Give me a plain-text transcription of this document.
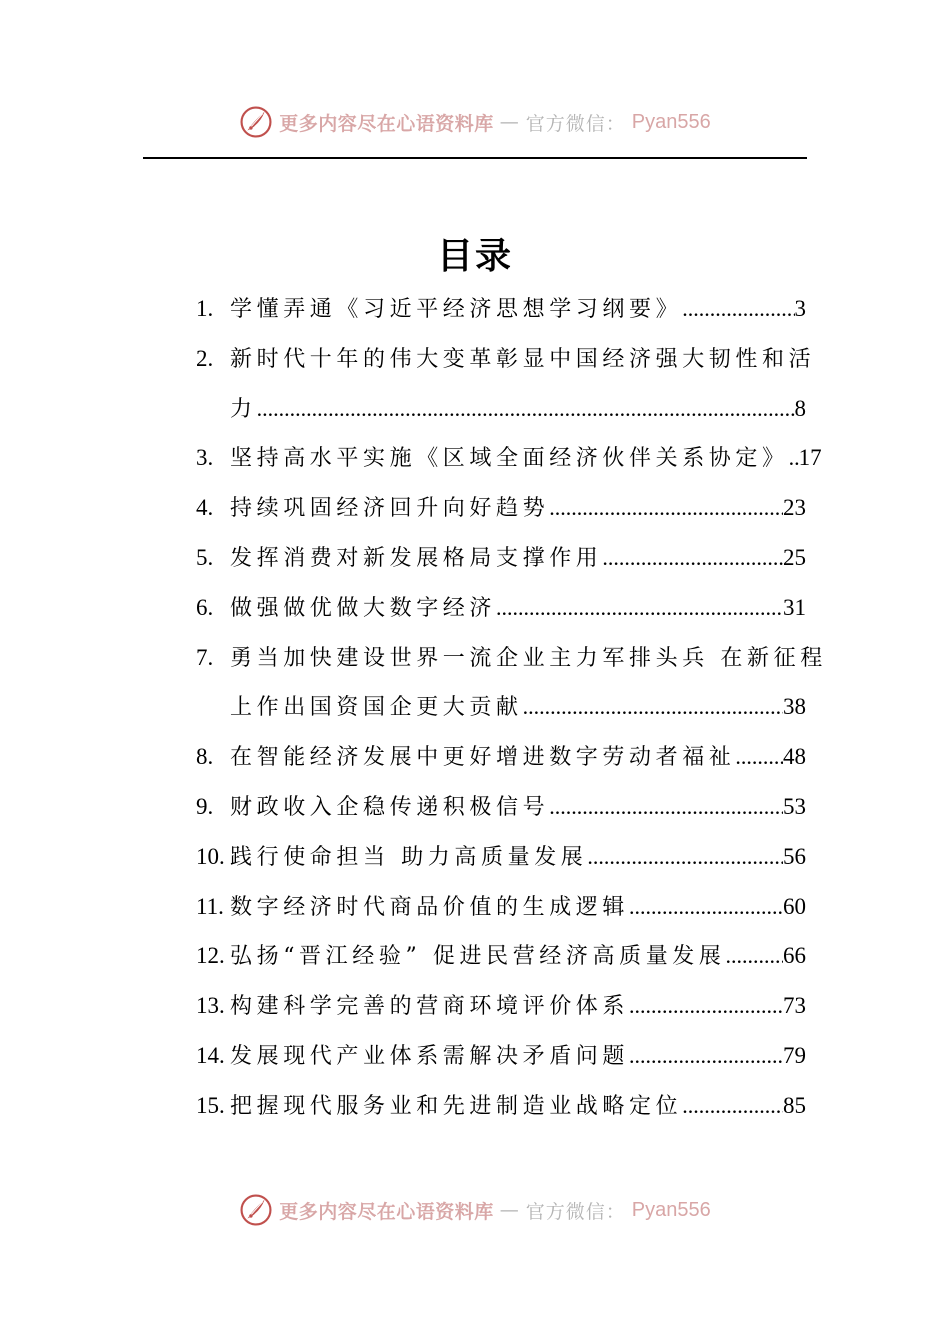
更多内容尽在心语资料库 — 官方微信： Pyan556
目录
1. 学懂弄通《习近平经济思想学习纲要》 .....	3
2. 新时代十年的伟大变革彰显中国经济强大韧性和活
力 .....	8
3. 坚持高水平实施《区域全面经济伙伴关系协定》 ..... 17
4. 持续巩固经济回升向好趋势 .....	23
5. 发挥消费对新发展格局支撑作用 .....	25
6. 做强做优做大数字经济 .....	31
7. 勇当加快建设世界一流企业主力军排头兵 在新征程
上作出国资国企更大贡献 .....	38
8. 在智能经济发展中更好增进数字劳动者福祉 ..... 48
9. 财政收入企稳传递积极信号 .....	53
10. 践行使命担当 助力高质量发展 .....	56
11. 数字经济时代商品价值的生成逻辑 .....	60
12. 弘扬“晋江经验” 促进民营经济高质量发展 .....	66
13. 构建科学完善的营商环境评价体系 .....	73
14. 发展现代产业体系需解决矛盾问题 .....	79
15. 把握现代服务业和先进制造业战略定位 .....	85
更多内容尽在心语资料库 — 官方微信： Pyan556
